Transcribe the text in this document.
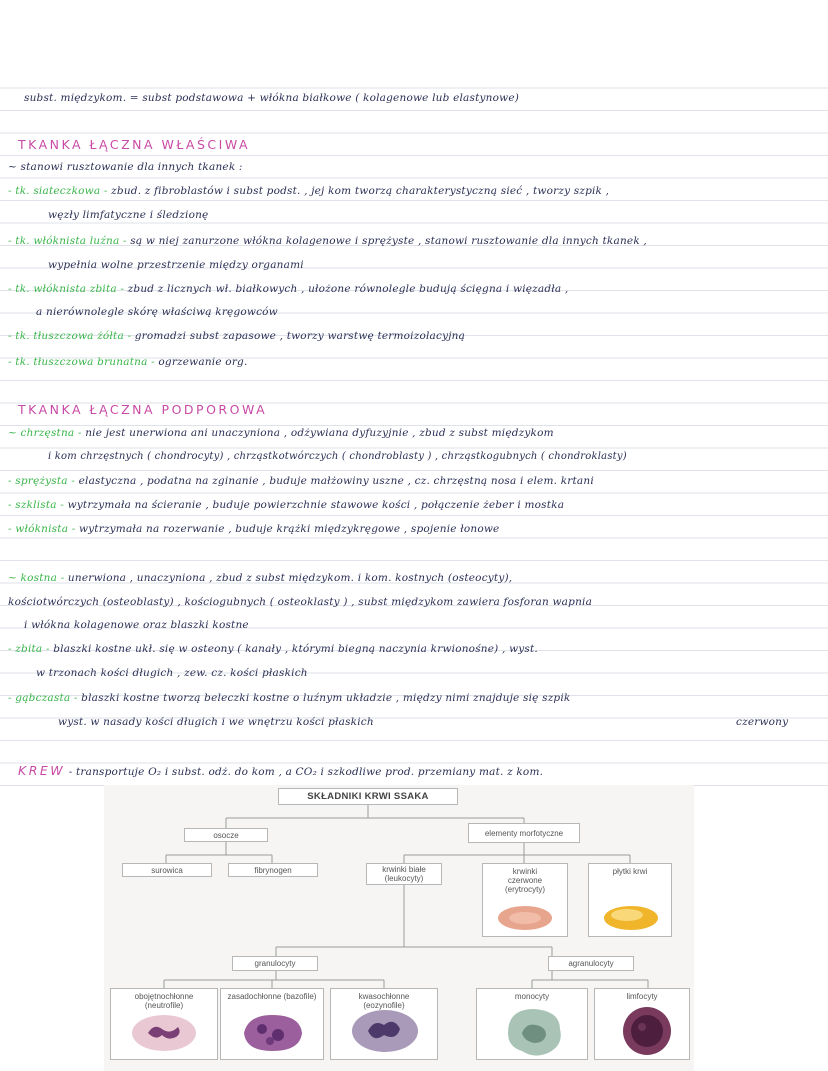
subst. międzykom. = subst podstawowa + włókna białkowe ( kolagenowe lub elastynowe)
TKANKA ŁĄCZNA WŁAŚCIWA
~ stanowi rusztowanie dla innych tkanek :
- tk. siateczkowa - zbud. z fibroblastów i subst podst. , jej kom tworzą charakterystyczną sieć , tworzy szpik ,
węzły limfatyczne i śledzionę
- tk. włóknista luźna - są w niej zanurzone włókna kolagenowe i sprężyste , stanowi rusztowanie dla innych tkanek ,
wypełnia wolne przestrzenie między organami
- tk. włóknista zbita - zbud z licznych wł. białkowych , ułożone równolegle budują ścięgna i więzadła ,
a nierównolegle skórę właściwą kręgowców
- tk. tłuszczowa żółta - gromadzi subst zapasowe , tworzy warstwę termoizolacyjną
- tk. tłuszczowa brunatna - ogrzewanie org.
TKANKA ŁĄCZNA PODPOROWA
~ chrzęstna - nie jest unerwiona ani unaczyniona , odżywiana dyfuzyjnie , zbud z subst międzykom
i kom chrzęstnych ( chondrocyty) , chrząstkotwórczych ( chondroblasty ) , chrząstkogubnych ( chondroklasty)
- sprężysta - elastyczna , podatna na zginanie , buduje małżowiny uszne , cz. chrzęstną nosa i elem. krtani
- szklista - wytrzymała na ścieranie , buduje powierzchnie stawowe kości , połączenie żeber i mostka
- włóknista - wytrzymała na rozerwanie , buduje krążki międzykręgowe , spojenie łonowe
~ kostna - unerwiona , unaczyniona , zbud z subst międzykom. i kom. kostnych (osteocyty),
kościotwórczych (osteoblasty) , kościogubnych ( osteoklasty ) , subst międzykom zawiera fosforan wapnia
i włókna kolagenowe oraz blaszki kostne
- zbita - blaszki kostne ukł. się w osteony ( kanały , którymi biegną naczynia krwionośne) , wyst.
w trzonach kości długich , zew. cz. kości płaskich
- gąbczasta - blaszki kostne tworzą beleczki kostne o luźnym układzie , między nimi znajduje się szpik
wyst. w nasady kości długich i we wnętrzu kości płaskich	czerwony
KREW - transportuje O₂ i subst. odż. do kom , a CO₂ i szkodliwe prod. przemiany mat. z kom.
SKŁADNIKI KRWI SSAKA
osocze	elementy morfotyczne
surowica	fibrynogen	krwinki białe (leukocyty)
krwinki czerwone (erytrocyty)
płytki krwi
granulocyty	agranulocyty
obojętnochłonne (neutrofile)
zasadochłonne (bazofile)	kwasochłonne (eozynofile)
monocyty	limfocyty
